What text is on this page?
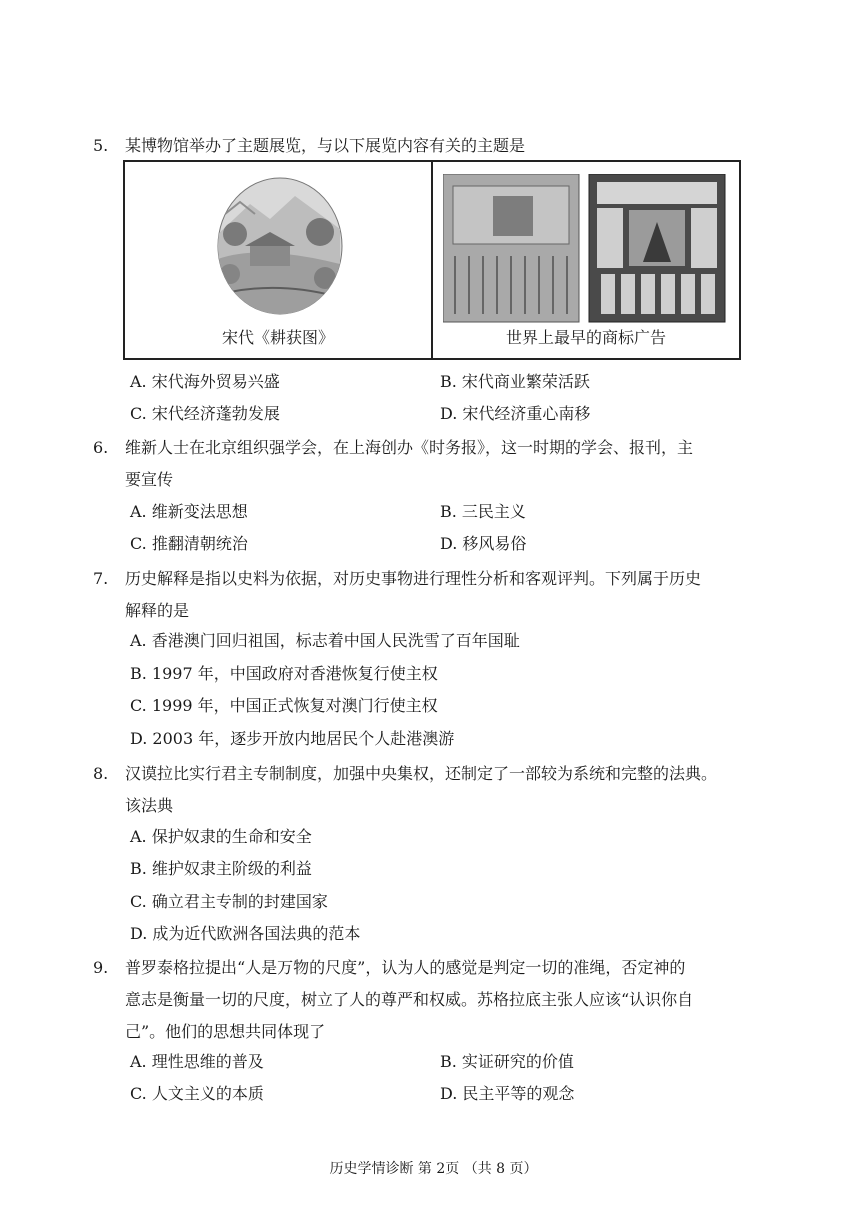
5.	某博物馆举办了主题展览，与以下展览内容有关的主题是
宋代《耕获图》	世界上最早的商标广告
A. 宋代海外贸易兴盛	B. 宋代商业繁荣活跃
C. 宋代经济蓬勃发展	D. 宋代经济重心南移
6.	维新人士在北京组织强学会，在上海创办《时务报》，这一时期的学会、报刊，主
要宣传
A. 维新变法思想	B. 三民主义
C. 推翻清朝统治	D. 移风易俗
7.	历史解释是指以史料为依据，对历史事物进行理性分析和客观评判。下列属于历史
解释的是
A. 香港澳门回归祖国，标志着中国人民洗雪了百年国耻
B. 1997 年，中国政府对香港恢复行使主权
C. 1999 年，中国正式恢复对澳门行使主权
D. 2003 年，逐步开放内地居民个人赴港澳游
8.	汉谟拉比实行君主专制制度，加强中央集权，还制定了一部较为系统和完整的法典。
该法典
A. 保护奴隶的生命和安全
B. 维护奴隶主阶级的利益
C. 确立君主专制的封建国家
D. 成为近代欧洲各国法典的范本
9.	普罗泰格拉提出“人是万物的尺度”，认为人的感觉是判定一切的准绳，否定神的
意志是衡量一切的尺度，树立了人的尊严和权威。苏格拉底主张人应该“认识你自
己”。他们的思想共同体现了
A. 理性思维的普及	B. 实证研究的价值
C. 人文主义的本质	D. 民主平等的观念
历史学情诊断 第 2页 （共 8 页）
